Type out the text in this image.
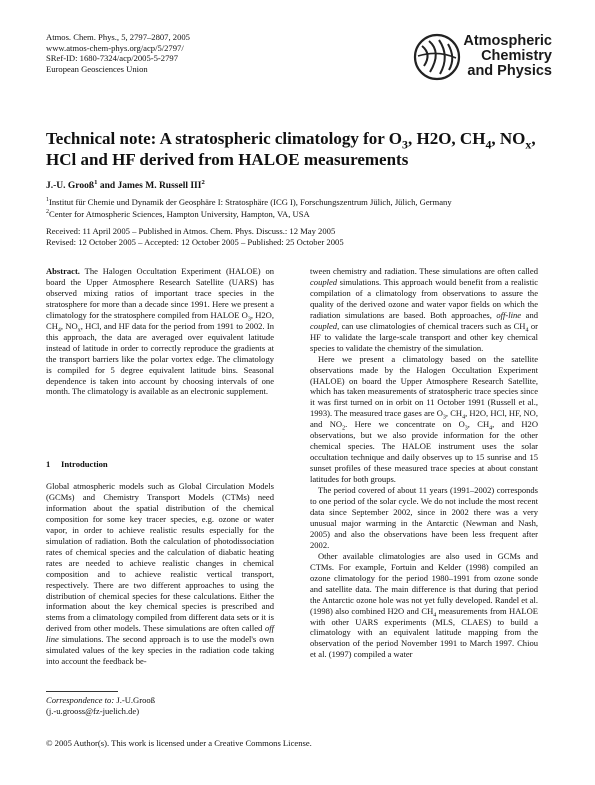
Atmos. Chem. Phys., 5, 2797–2807, 2005
www.atmos-chem-phys.org/acp/5/2797/
SRef-ID: 1680-7324/acp/2005-5-2797
European Geosciences Union
Atmospheric
Chemistry
and Physics
Technical note: A stratospheric climatology for $O_3$, H2O, $CH_4$, $NO_x$,
HCl and HF derived from HALOE measurements
J.-U. Grooß$^1$ and James M. Russell III$^2$
$^1$Institut für Chemie und Dynamik der Geosphäre I: Stratosphäre (ICG I), Forschungszentrum Jülich, Jülich, Germany
$^2$Center for Atmospheric Sciences, Hampton University, Hampton, VA, USA
Received: 11 April 2005 – Published in Atmos. Chem. Phys. Discuss.: 12 May 2005
Revised: 12 October 2005 – Accepted: 12 October 2005 – Published: 25 October 2005

Abstract. The Halogen Occultation Experiment (HALOE) on board the Upper Atmosphere Research Satellite (UARS) has observed mixing ratios of important trace species in the stratosphere for more than a decade since 1991. Here we present a climatology for the stratosphere compiled from HALOE $O_3$, H2O, $CH_4$, $NO_x$, HCl, and HF data for the period from 1991 to 2002. In this approach, the data are averaged over equivalent latitude instead of latitude in order to correctly reproduce the gradients at the transport barriers like the polar vortex edge. The climatology is compiled for 5 degree equivalent latitude bins. Seasonal dependence is taken into account by choosing intervals of one month. The climatology is available as an electronic supplement.

1 Introduction

Global atmospheric models such as Global Circulation Models (GCMs) and Chemistry Transport Models (CTMs) need information about the spatial distribution of the chemical composition for some key tracer species, e.g. ozone or water vapor, in order to achieve realistic results especially for the simulation of radiation. Both the calculation of photodissociation rates of chemical species and the calculation of diabatic heating rates are needed to achieve realistic changes in chemical composition and to achieve realistic vertical transport, respectively. There are two different approaches to using the distribution of chemical species for these calculations. Either the information about the key chemical species is prescribed and stems from a climatology compiled from different data sets or it is derived from other models. These simulations are often called off line simulations. The second approach is to use the model's own simulated values of the key species in the radiation code taking into account the feedback be-

Correspondence to: J.-U.Grooß
(j.-u.grooss@fz-juelich.de)

tween chemistry and radiation. These simulations are often called coupled simulations. This approach would benefit from a realistic compilation of a climatology from observations to assure the quality of the derived ozone and water vapor fields on which the radiation simulations are based. Both approaches, off-line and coupled, can use climatologies of chemical tracers such as $CH_4$ or HF to validate the large-scale transport and other key chemical species to validate the chemistry of the simulation.

Here we present a climatology based on the satellite observations made by the Halogen Occultation Experiment (HALOE) on board the Upper Atmosphere Research Satellite, which has taken measurements of stratospheric trace species since it was first turned on in orbit on 11 October 1991 (Russell et al., 1993). The measured trace gases are $O_3$, $CH_4$, H2O, HCl, HF, NO, and $NO_2$. Here we concentrate on $O_3$, $CH_4$, and H2O observations, but we also provide information for the other chemical species. The HALOE instrument uses the solar occultation technique and daily observes up to 15 sunrise and 15 sunset profiles of these measured trace species at about constant latitudes for both groups.

The period covered of about 11 years (1991–2002) corresponds to one period of the solar cycle. We do not include the most recent data since September 2002, since in 2002 there was a very unusual major warming in the Antarctic (Newman and Nash, 2005) and also the observations have been less frequent after 2002.

Other available climatologies are also used in GCMs and CTMs. For example, Fortuin and Kelder (1998) compiled an ozone climatology for the period 1980–1991 from ozone sonde and satellite data. The main difference is that during that period the Antarctic ozone hole was not yet fully developed. Randel et al. (1998) also combined H2O and $CH_4$ measurements from HALOE with other UARS experiments (MLS, CLAES) to build a climatology with an equivalent latitude mapping from the observation of the period November 1991 to March 1997. Chiou et al. (1997) compiled a water

© 2005 Author(s). This work is licensed under a Creative Commons License.
